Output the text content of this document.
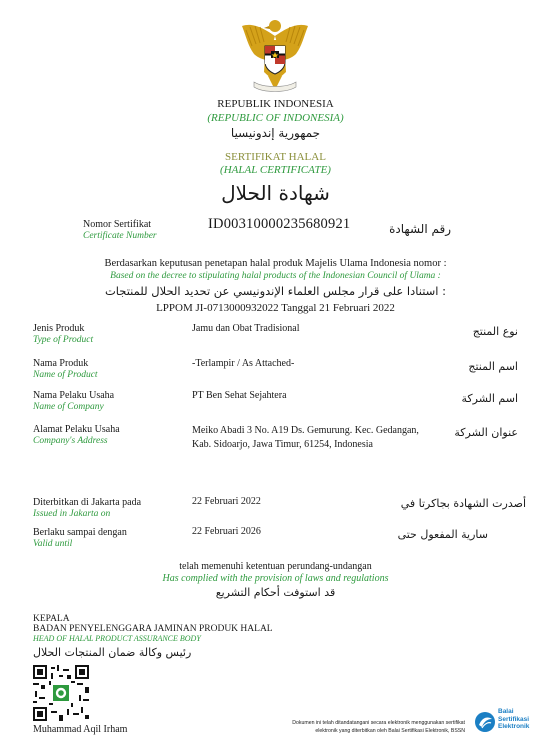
REPUBLIK INDONESIA
(REPUBLIC OF INDONESIA)
جمهورية إندونيسيا
SERTIFIKAT HALAL
(HALAL CERTIFICATE)
شهادة الحلال
Nomor Sertifikat
Certificate Number
ID00310000235680921	رقم الشهادة
Berdasarkan keputusan penetapan halal produk Majelis Ulama Indonesia nomor :
Based on the decree to stipulating halal products of the Indonesian Council of Ulama :
استنادا على قرار مجلس العلماء الإندونيسي عن تحديد الحلال للمنتجات :
LPPOM JI-0713000932022 Tanggal 21 Februari 2022
Jenis Produk
Type of Product
Jamu dan Obat Tradisional	نوع المنتج
Nama Produk
Name of Product
-Terlampir / As Attached-	اسم المنتج
Nama Pelaku Usaha
Name of Company
PT Ben Sehat Sejahtera	اسم الشركة
Alamat Pelaku Usaha
Company's Address
Meiko Abadi 3 No. A19 Ds. Gemurung. Kec. Gedangan, Kab. Sidoarjo, Jawa Timur, 61254, Indonesia
عنوان الشركة
Diterbitkan di Jakarta pada
Issued in Jakarta on
22 Februari 2022	أصدرت الشهادة بجاكرتا في
Berlaku sampai dengan
Valid until
22 Februari 2026	سارية المفعول حتى
telah memenuhi ketentuan perundang-undangan
Has complied with the provision of laws and regulations
قد استوفت أحكام التشريع
KEPALA
BADAN PENYELENGGARA JAMINAN PRODUK HALAL
HEAD OF HALAL PRODUCT ASSURANCE BODY
رئيس وكالة ضمان المنتجات الحلال
Muhammad Aqil Irham
Dokumen ini telah ditandatangani secara elektronik menggunakan sertifikat
elektronik yang diterbitkan oleh Balai Sertifikasi Elektronik, BSSN
Balai
Sertifikasi
Elektronik
